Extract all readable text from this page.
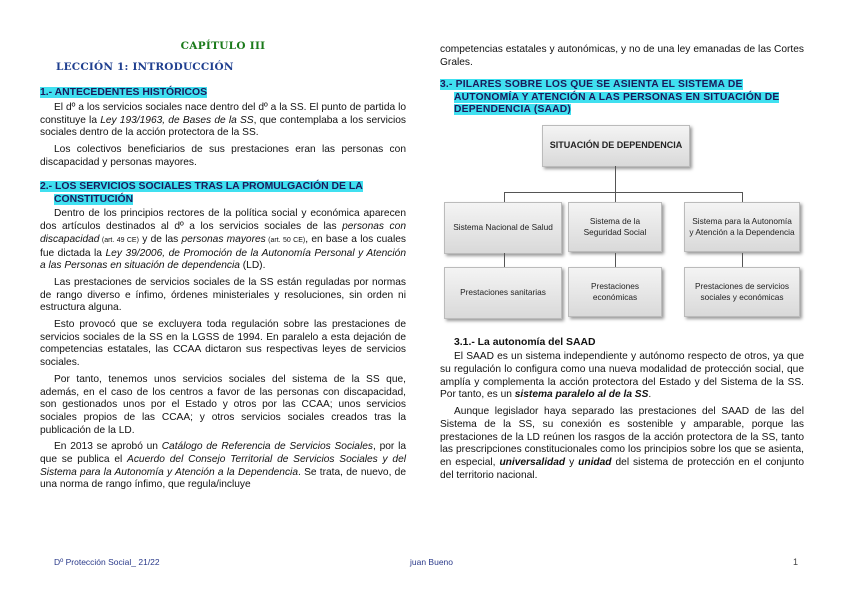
CAPÍTULO III
LECCIÓN 1: INTRODUCCIÓN
1.- ANTECEDENTES HISTÓRICOS

El dº a los servicios sociales nace dentro del dº a la SS. El punto de partida lo constituye la Ley 193/1963, de Bases de la SS, que contemplaba a los servicios sociales dentro de la acción protectora de la SS.

Los colectivos beneficiarios de sus prestaciones eran las personas con discapacidad y personas mayores.

2.- LOS SERVICIOS SOCIALES TRAS LA PROMULGACIÓN DE LA
CONSTITUCIÓN

Dentro de los principios rectores de la política social y económica aparecen dos artículos destinados al dº a los servicios sociales de las personas con discapacidad (art. 49 CE) y de las personas mayores (art. 50 CE), en base a los cuales fue dictada la Ley 39/2006, de Promoción de la Autonomía Personal y Atención a las Personas en situación de dependencia (LD).

Las prestaciones de servicios sociales de la SS están reguladas por normas de rango diverso e ínfimo, órdenes ministeriales y resoluciones, sin orden ni estructura alguna.

Esto provocó que se excluyera toda regulación sobre las prestaciones de servicios sociales de la SS en la LGSS de 1994. En paralelo a esta dejación de competencias estatales, las CCAA dictaron sus respectivas leyes de servicios sociales.

Por tanto, tenemos unos servicios sociales del sistema de la SS que, además, en el caso de los centros a favor de las personas con discapacidad, son gestionados unos por el Estado y otros por las CCAA; unos servicios sociales propios de las CCAA; y otros servicios sociales creados tras la publicación de la LD.

En 2013 se aprobó un Catálogo de Referencia de Servicios Sociales, por la que se publica el Acuerdo del Consejo Territorial de Servicios Sociales y del Sistema para la Autonomía y Atención a la Dependencia. Se trata, de nuevo, de una norma de rango ínfimo, que regula/incluye

competencias estatales y autonómicas, y no de una ley emanadas de las Cortes Grales.

3.- PILARES SOBRE LOS QUE SE ASIENTA EL SISTEMA DE AUTONOMÍA Y ATENCIÓN A LAS PERSONAS EN SITUACIÓN DE DEPENDENCIA (SAAD)
SITUACIÓN DE DEPENDENCIA
Sistema Nacional de Salud
Sistema de la Seguridad Social
Sistema para la Autonomía y Atención a la Dependencia
Prestaciones sanitarias
Prestaciones económicas
Prestaciones de servicios sociales y económicas
3.1.- La autonomía del SAAD

El SAAD es un sistema independiente y autónomo respecto de otros, ya que su regulación lo configura como una nueva modalidad de protección social, que amplía y complementa la acción protectora del Estado y del Sistema de la SS. Por tanto, es un sistema paralelo al de la SS.

Aunque legislador haya separado las prestaciones del SAAD de las del Sistema de la SS, su conexión es sostenible y amparable, porque las prestaciones de la LD reúnen los rasgos de la acción protectora de la SS, tanto las prescripciones constitucionales como los principios sobre los que se asienta, en especial, universalidad y unidad del sistema de protección en el conjunto del territorio nacional.

Dº Protección Social_ 21/22	juan Bueno	1
